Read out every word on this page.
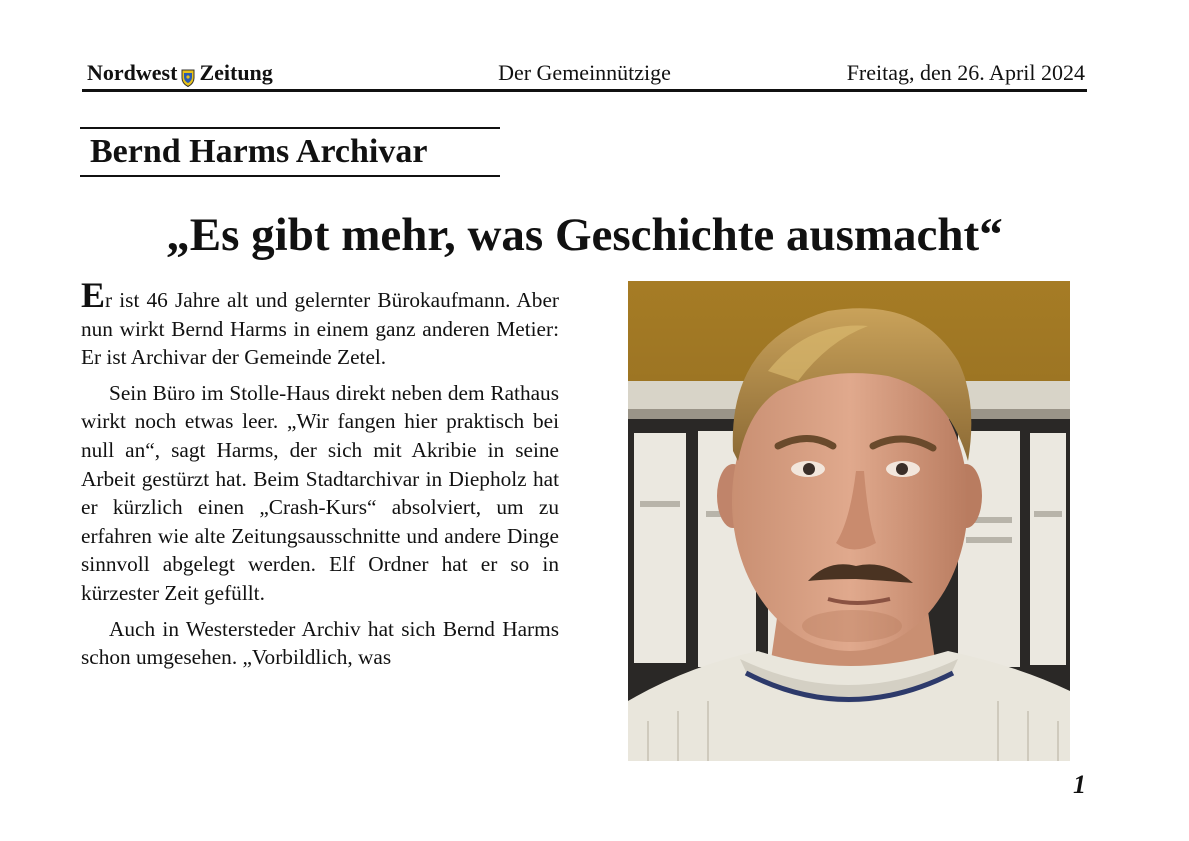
Nordwest Zeitung	Der Gemeinnützige	Freitag, den 26. April 2024
Bernd Harms Archivar
„Es gibt mehr, was Geschichte ausmacht“

Er ist 46 Jahre alt und gelernter Bürokaufmann. Aber nun wirkt Bernd Harms in einem ganz anderen Metier: Er ist Archivar der Gemeinde Zetel.

Sein Büro im Stolle-Haus direkt neben dem Rathaus wirkt noch etwas leer. „Wir fangen hier praktisch bei null an“, sagt Harms, der sich mit Akribie in seine Arbeit gestürzt hat. Beim Stadtarchivar in Diepholz hat er kürzlich einen „Crash-Kurs“ absolviert, um zu erfahren wie alte Zeitungsausschnitte und andere Dinge sinnvoll abgelegt werden. Elf Ordner hat er so in kürzester Zeit gefüllt.

Auch in Westersteder Archiv hat sich Bernd Harms schon umgesehen. „Vorbildlich, was

1
